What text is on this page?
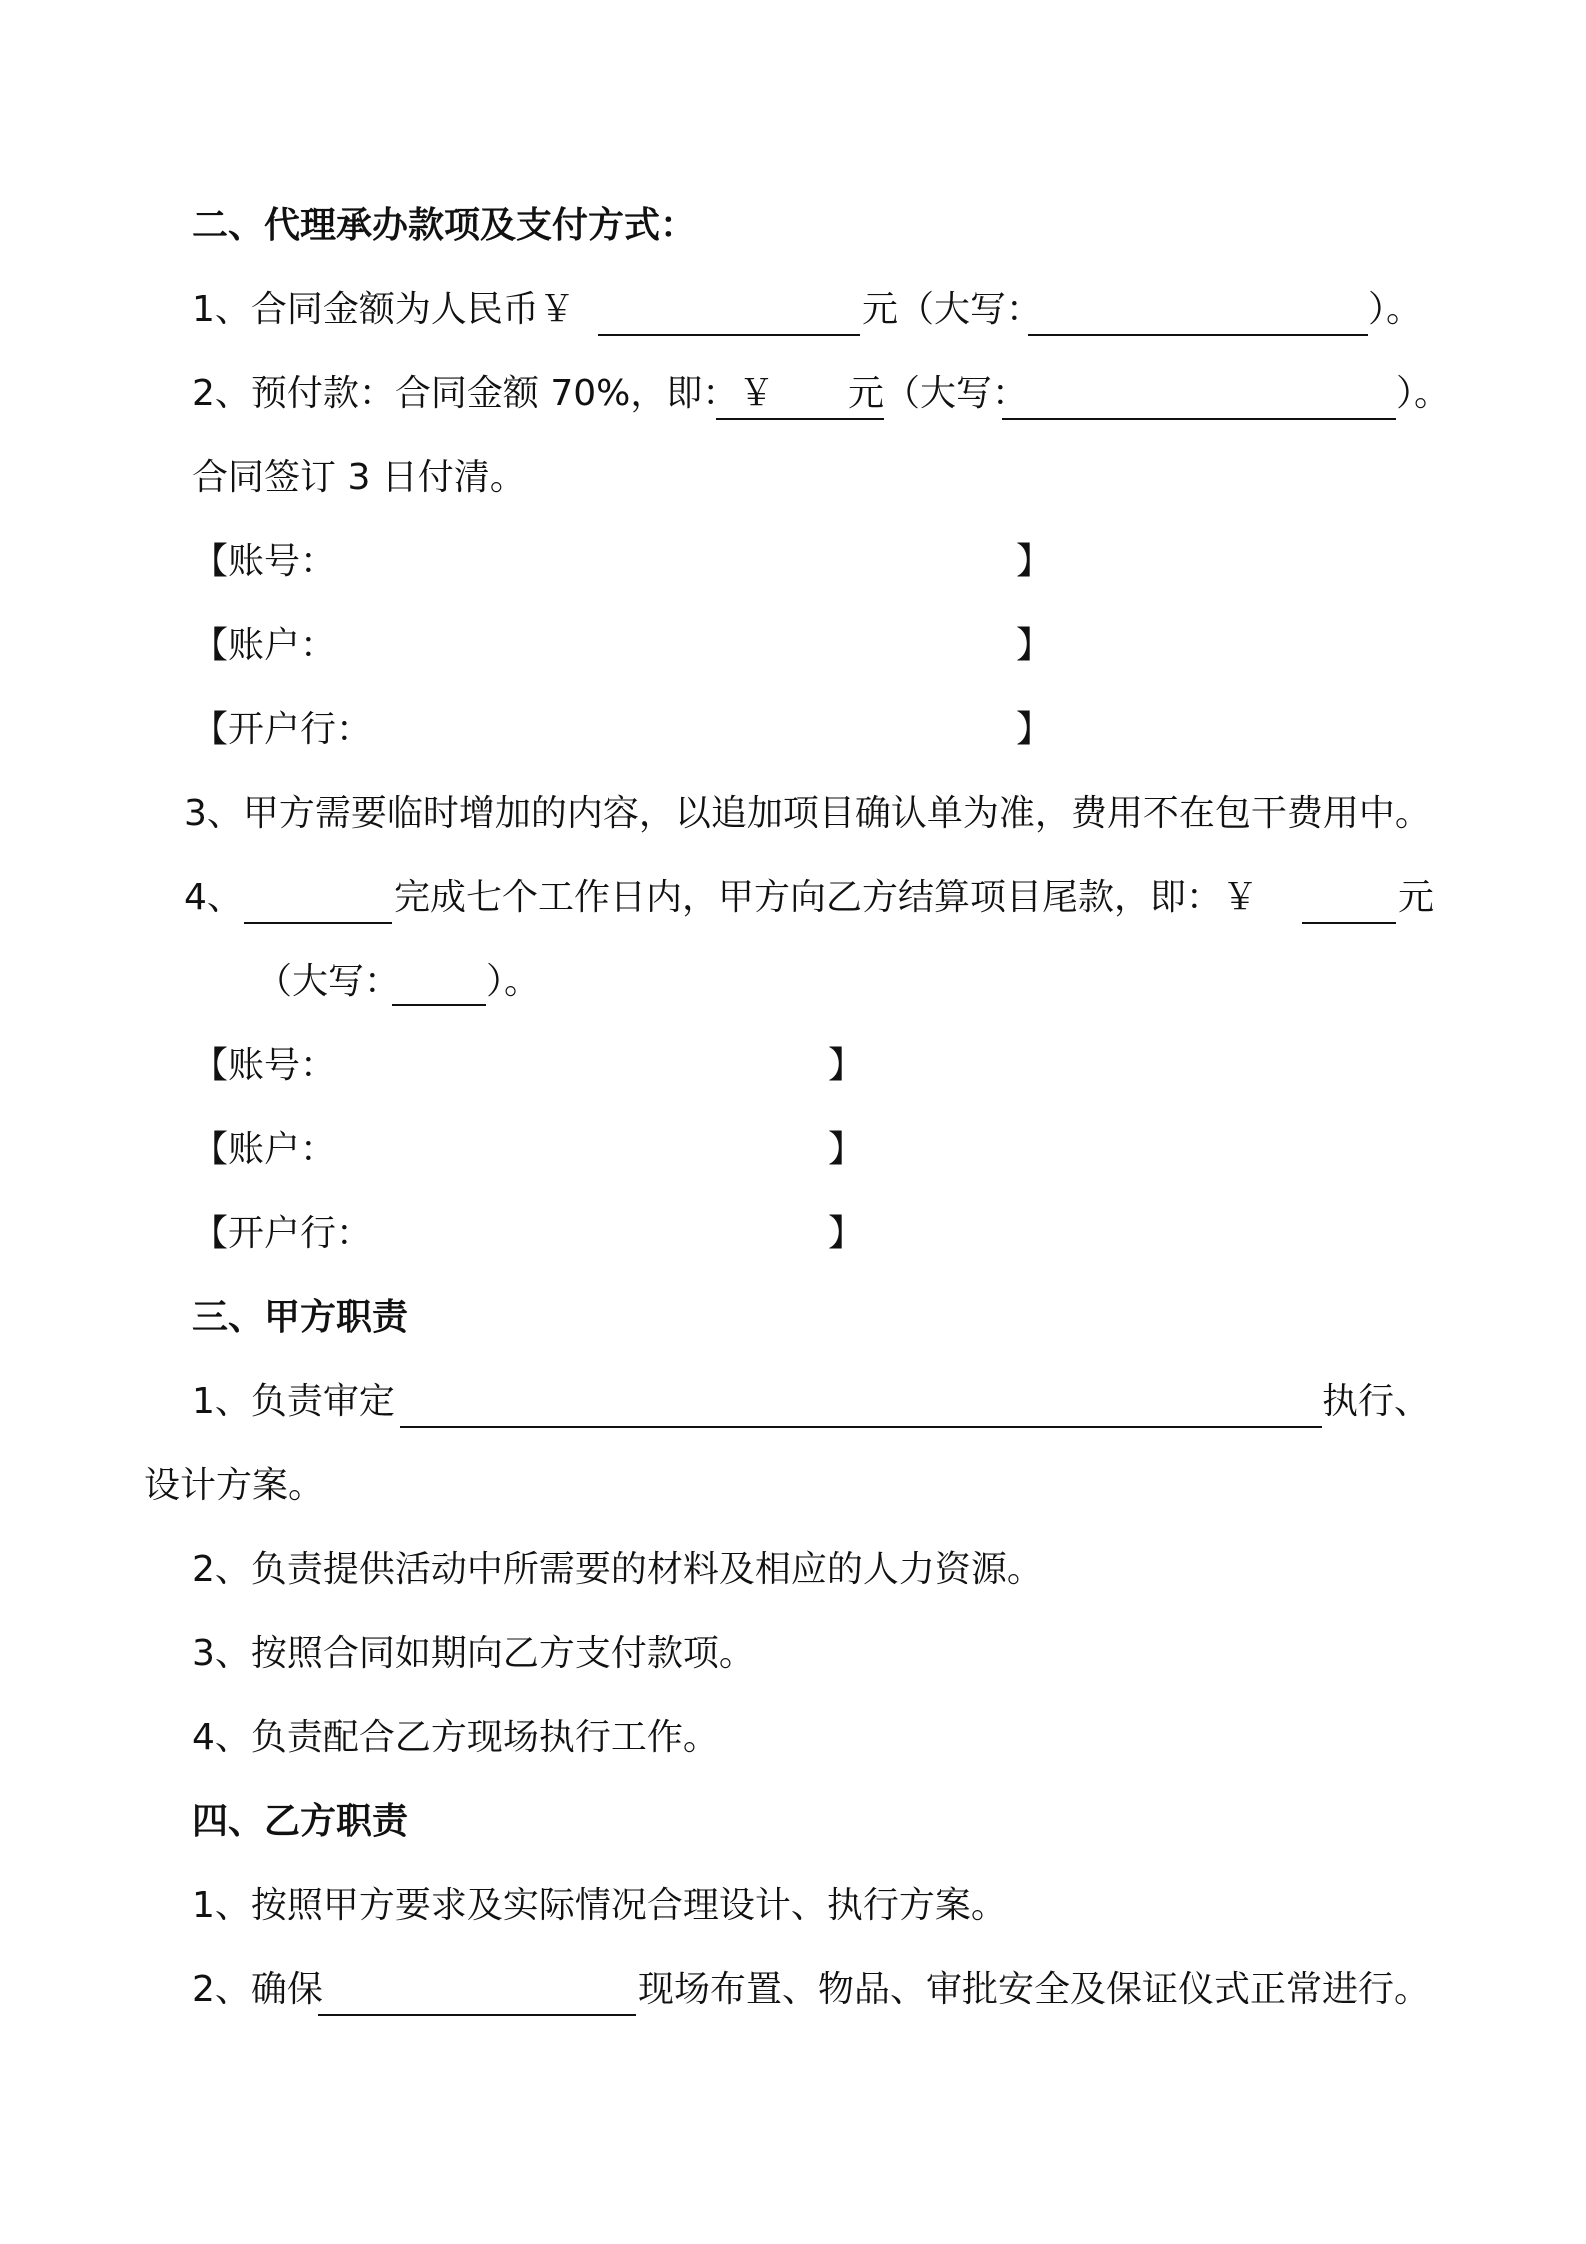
二、代理承办款项及支付方式：
1、合同金额为人民币￥	元（大写：	）。
2、预付款：合同金额 70%，即：￥ 元（大写：	）。
合同签订 3 日付清。
【账号：	】
【账户：	】
【开户行：	】
3、甲方需要临时增加的内容，以追加项目确认单为准，费用不在包干费用中。
4、	完成七个工作日内，甲方向乙方结算项目尾款，即：￥	元
（大写： ）。
【账号：	】
【账户：	】
【开户行：	】
三、甲方职责
1、负责审定	执行、
设计方案。
2、负责提供活动中所需要的材料及相应的人力资源。
3、按照合同如期向乙方支付款项。
4、负责配合乙方现场执行工作。
四、乙方职责
1、按照甲方要求及实际情况合理设计、执行方案。
2、确保	现场布置、物品、审批安全及保证仪式正常进行。
